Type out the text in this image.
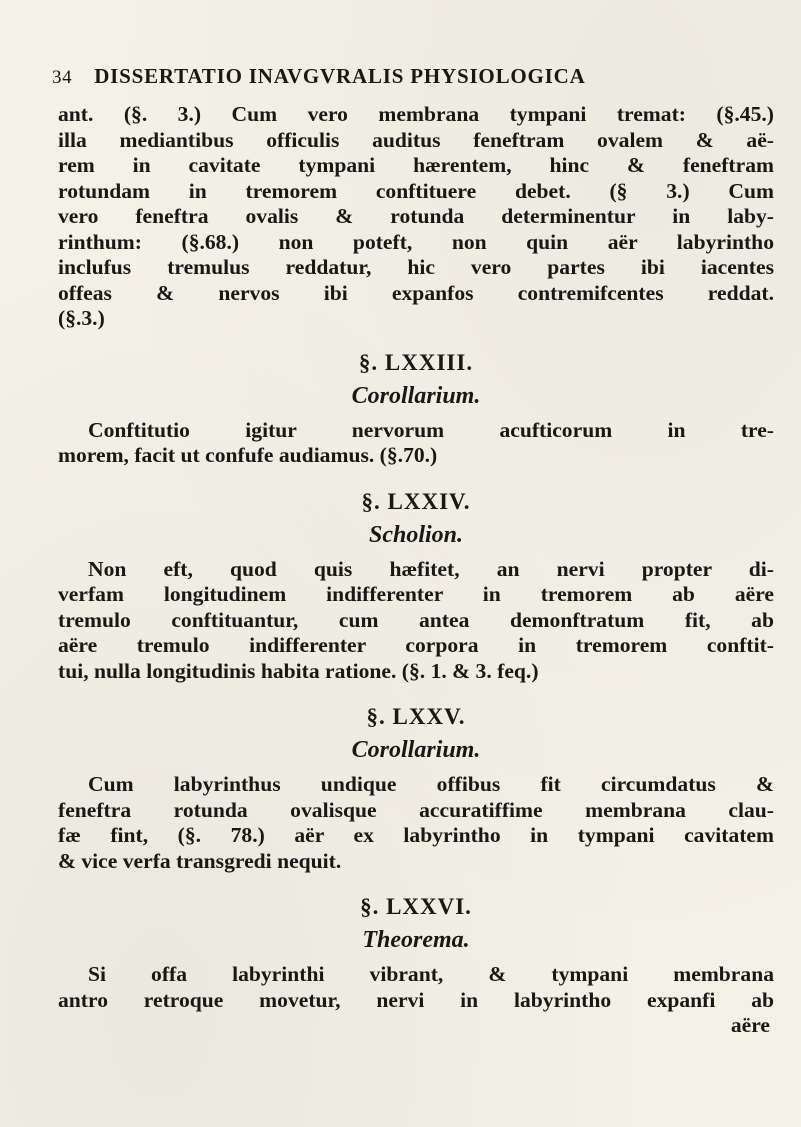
34 DISSERTATIO INAVGVRALIS PHYSIOLOGICA
ant. (§. 3.) Cum vero membrana tympani tremat: (§.45.)
illa mediantibus officulis auditus feneftram ovalem & aë-
rem in cavitate tympani hærentem, hinc & feneftram
rotundam in tremorem conftituere debet. (§ 3.) Cum
vero feneftra ovalis & rotunda determinentur in laby-
rinthum: (§.68.) non poteft, non quin aër labyrintho
inclufus tremulus reddatur, hic vero partes ibi iacentes
offeas & nervos ibi expanfos contremifcentes reddat.
(§.3.)
§. LXXIII.
Corollarium.
Conftitutio igitur nervorum acufticorum in tre-
morem, facit ut confufe audiamus. (§.70.)
§. LXXIV.
Scholion.
Non eft, quod quis hæfitet, an nervi propter di-
verfam longitudinem indifferenter in tremorem ab aëre
tremulo conftituantur, cum antea demonftratum fit, ab
aëre tremulo indifferenter corpora in tremorem conftit-
tui, nulla longitudinis habita ratione. (§. 1. & 3. feq.)
§. LXXV.
Corollarium.
Cum labyrinthus undique offibus fit circumdatus &
feneftra rotunda ovalisque accuratiffime membrana clau-
fæ fint, (§. 78.) aër ex labyrintho in tympani cavitatem
& vice verfa transgredi nequit.
§. LXXVI.
Theorema.
Si offa labyrinthi vibrant, & tympani membrana
antro retroque movetur, nervi in labyrintho expanfi ab
aëre
